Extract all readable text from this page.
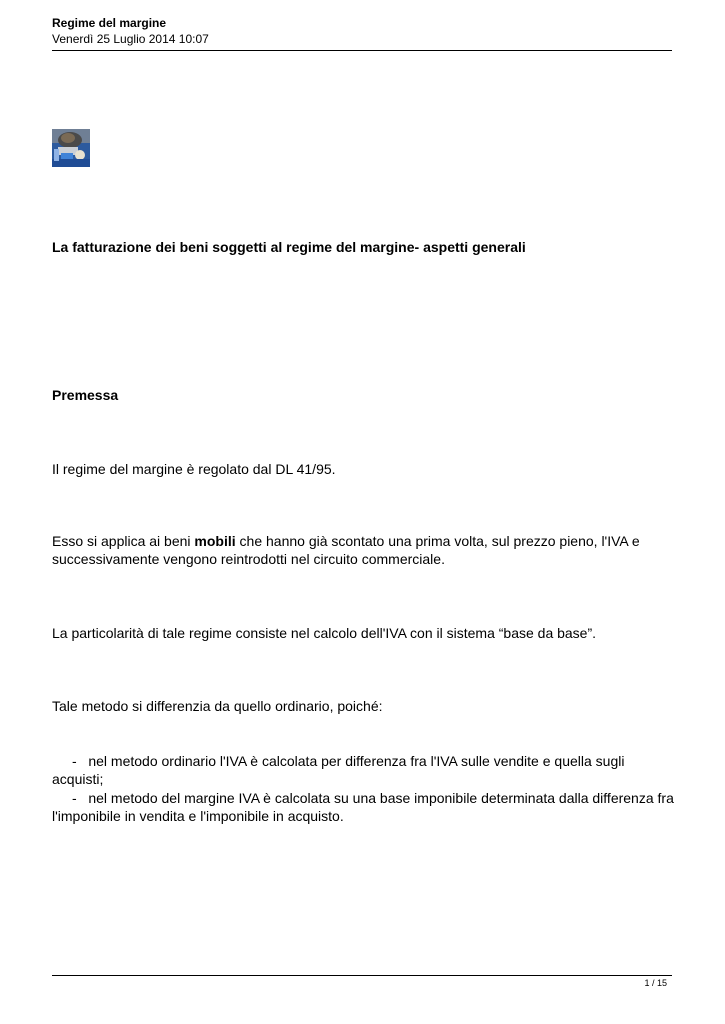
Regime del margine
Venerdì 25 Luglio 2014 10:07
La fatturazione dei beni soggetti al regime del margine- aspetti generali
Premessa
Il regime del margine è regolato dal DL 41/95.
Esso si applica ai beni mobili che hanno già scontato una prima volta, sul prezzo pieno, l'IVA e successivamente vengono reintrodotti nel circuito commerciale.
La particolarità di tale regime consiste nel calcolo dell'IVA con il sistema “base da base”.
Tale metodo si differenzia da quello ordinario, poiché:
- nel metodo ordinario l'IVA è calcolata per differenza fra l'IVA sulle vendite e quella sugli acquisti;
- nel metodo del margine IVA è calcolata su una base imponibile determinata dalla differenza fra l'imponibile in vendita e l'imponibile in acquisto.
1 / 15
